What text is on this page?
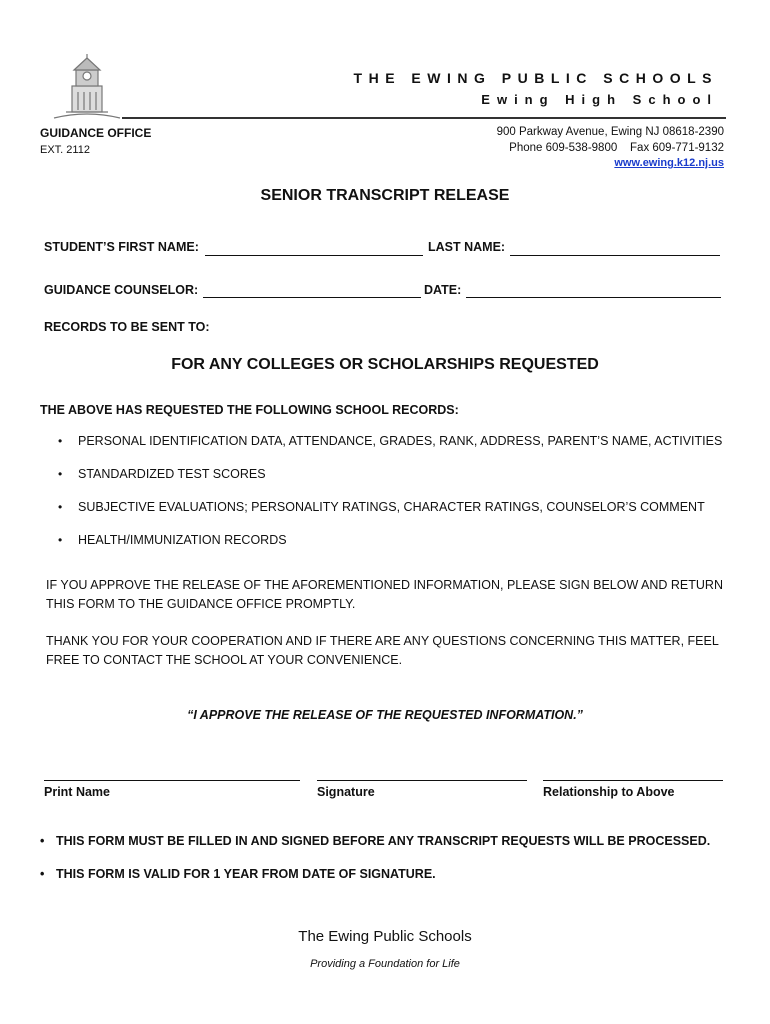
THE EWING PUBLIC SCHOOLS
Ewing High School
GUIDANCE OFFICE
EXT. 2112
900 Parkway Avenue, Ewing NJ 08618-2390
Phone 609-538-9800    Fax 609-771-9132
www.ewing.k12.nj.us
SENIOR TRANSCRIPT RELEASE
STUDENT’S FIRST NAME:	LAST NAME:
GUIDANCE COUNSELOR:	DATE:
RECORDS TO BE SENT TO:
FOR ANY COLLEGES OR SCHOLARSHIPS REQUESTED
THE ABOVE HAS REQUESTED THE FOLLOWING SCHOOL RECORDS:
• PERSONAL IDENTIFICATION DATA, ATTENDANCE, GRADES, RANK, ADDRESS, PARENT’S NAME, ACTIVITIES
• STANDARDIZED TEST SCORES
• SUBJECTIVE EVALUATIONS; PERSONALITY RATINGS, CHARACTER RATINGS, COUNSELOR’S COMMENT
• HEALTH/IMMUNIZATION RECORDS
IF YOU APPROVE THE RELEASE OF THE AFOREMENTIONED INFORMATION, PLEASE SIGN BELOW AND RETURN THIS FORM TO THE GUIDANCE OFFICE PROMPTLY.
THANK YOU FOR YOUR COOPERATION AND IF THERE ARE ANY QUESTIONS CONCERNING THIS MATTER, FEEL FREE TO CONTACT THE SCHOOL AT YOUR CONVENIENCE.
“I APPROVE THE RELEASE OF THE REQUESTED INFORMATION.”
Print Name	Signature	Relationship to Above
• THIS FORM MUST BE FILLED IN AND SIGNED BEFORE ANY TRANSCRIPT REQUESTS WILL BE PROCESSED.
• THIS FORM IS VALID FOR 1 YEAR FROM DATE OF SIGNATURE.
The Ewing Public Schools
Providing a Foundation for Life
